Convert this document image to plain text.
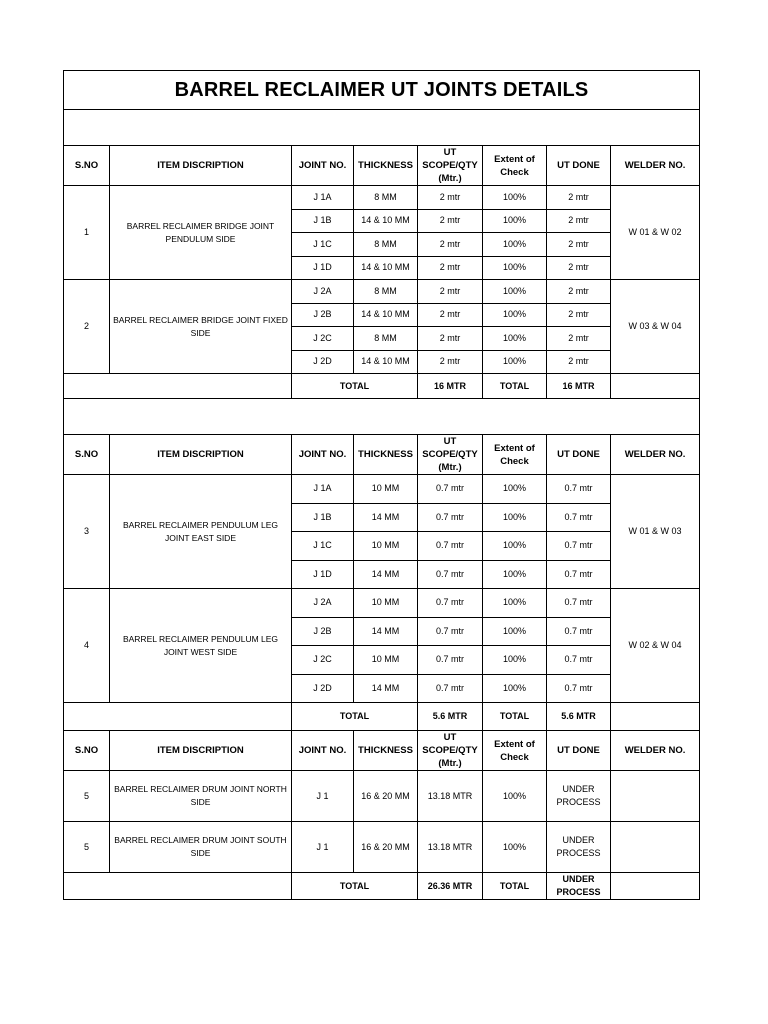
BARREL RECLAIMER UT JOINTS DETAILS							

S.NO	ITEM DISCRIPTION	JOINT NO.	THICKNESS	UT SCOPE/QTY (Mtr.)	Extent of Check	UT DONE	WELDER NO.
1	BARREL RECLAIMER BRIDGE JOINT PENDULUM SIDE	J 1A	8 MM	2 mtr	100%	2 mtr	W 01 & W 02
		J 1B	14 & 10 MM	2 mtr	100%	2 mtr	
		J 1C	8 MM	2 mtr	100%	2 mtr	
		J 1D	14 & 10 MM	2 mtr	100%	2 mtr	
2	BARREL RECLAIMER BRIDGE JOINT FIXED SIDE	J 2A	8 MM	2 mtr	100%	2 mtr	W 03 & W 04
		J 2B	14 & 10 MM	2 mtr	100%	2 mtr	
		J 2C	8 MM	2 mtr	100%	2 mtr	
		J 2D	14 & 10 MM	2 mtr	100%	2 mtr	
		TOTAL		16 MTR	TOTAL	16 MTR	

S.NO	ITEM DISCRIPTION	JOINT NO.	THICKNESS	UT SCOPE/QTY (Mtr.)	Extent of Check	UT DONE	WELDER NO.
3	BARREL RECLAIMER PENDULUM LEG JOINT EAST SIDE	J 1A	10 MM	0.7 mtr	100%	0.7 mtr	W 01 & W 03
		J 1B	14 MM	0.7 mtr	100%	0.7 mtr	
		J 1C	10 MM	0.7 mtr	100%	0.7 mtr	
		J 1D	14 MM	0.7 mtr	100%	0.7 mtr	
4	BARREL RECLAIMER PENDULUM LEG JOINT WEST SIDE	J 2A	10 MM	0.7 mtr	100%	0.7 mtr	W 02 & W 04
		J 2B	14 MM	0.7 mtr	100%	0.7 mtr	
		J 2C	10 MM	0.7 mtr	100%	0.7 mtr	
		J 2D	14 MM	0.7 mtr	100%	0.7 mtr	
		TOTAL		5.6 MTR	TOTAL	5.6 MTR	
S.NO	ITEM DISCRIPTION	JOINT NO.	THICKNESS	UT SCOPE/QTY (Mtr.)	Extent of Check	UT DONE	WELDER NO.
5	BARREL RECLAIMER DRUM JOINT NORTH SIDE	J 1	16 & 20 MM	13.18 MTR	100%	UNDER PROCESS	
5	BARREL RECLAIMER DRUM JOINT SOUTH SIDE	J 1	16 & 20 MM	13.18 MTR	100%	UNDER PROCESS	
		TOTAL		26.36 MTR	TOTAL	UNDER PROCESS	
